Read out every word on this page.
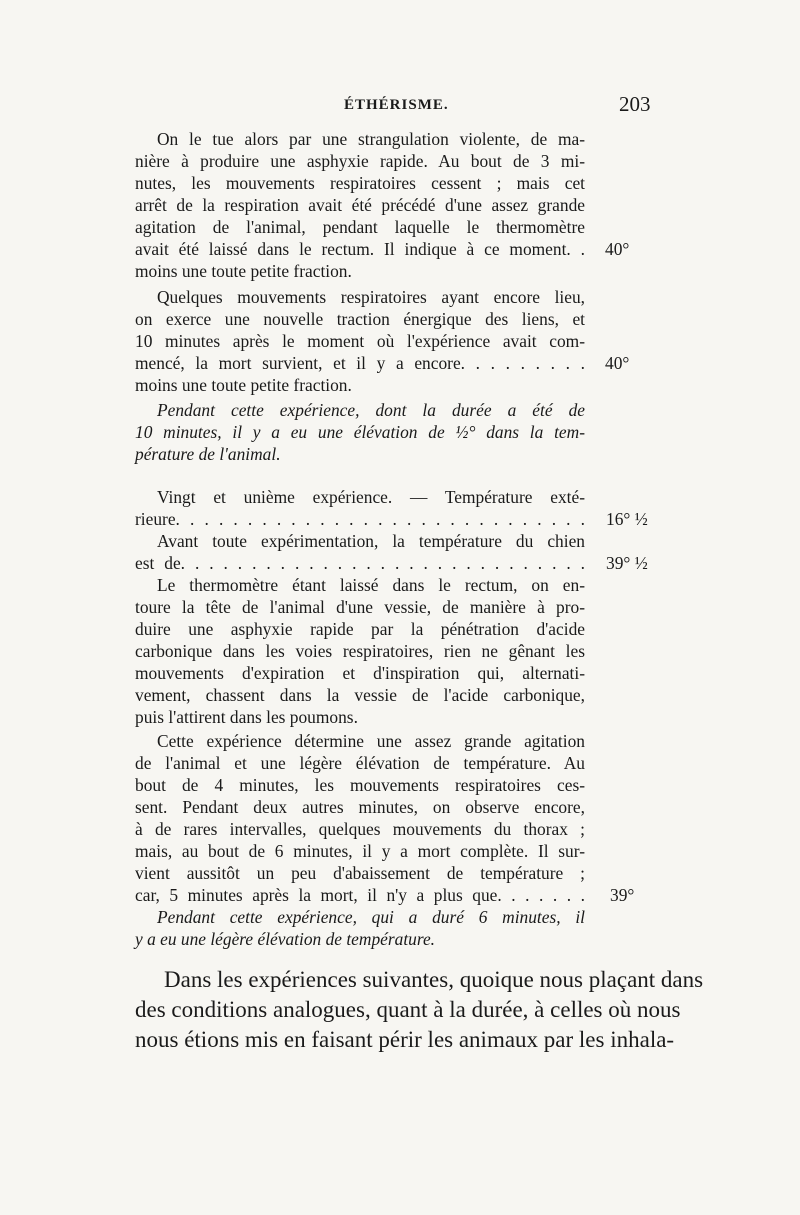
ÉTHÉRISME.	203
On le tue alors par une strangulation violente, de ma-
nière à produire une asphyxie rapide. Au bout de 3 mi-
nutes, les mouvements respiratoires cessent ; mais cet
arrêt de la respiration avait été précédé d'une assez grande
agitation de l'animal, pendant laquelle le thermomètre
avait été laissé dans le rectum. Il indique à ce moment. . 40°
moins une toute petite fraction.
Quelques mouvements respiratoires ayant encore lieu,
on exerce une nouvelle traction énergique des liens, et
10 minutes après le moment où l'expérience avait com-
mencé, la mort survient, et il y a encore. . . . . . . . . 40°
moins une toute petite fraction.
Pendant cette expérience, dont la durée a été de
10 minutes, il y a eu une élévation de ½° dans la tem-
pérature de l'animal.
Vingt et unième expérience. — Température exté-
rieure. . . . . . . . . . . . . . . . . . . . . . . . . . . . . 16° ½
Avant toute expérimentation, la température du chien
est de. . . . . . . . . . . . . . . . . . . . . . . . . . . . . 39° ½
Le thermomètre étant laissé dans le rectum, on en-
toure la tête de l'animal d'une vessie, de manière à pro-
duire une asphyxie rapide par la pénétration d'acide
carbonique dans les voies respiratoires, rien ne gênant les
mouvements d'expiration et d'inspiration qui, alternati-
vement, chassent dans la vessie de l'acide carbonique,
puis l'attirent dans les poumons.
Cette expérience détermine une assez grande agitation
de l'animal et une légère élévation de température. Au
bout de 4 minutes, les mouvements respiratoires ces-
sent. Pendant deux autres minutes, on observe encore,
à de rares intervalles, quelques mouvements du thorax ;
mais, au bout de 6 minutes, il y a mort complète. Il sur-
vient aussitôt un peu d'abaissement de température ;
car, 5 minutes après la mort, il n'y a plus que. . . . . . . 39°
Pendant cette expérience, qui a duré 6 minutes, il
y a eu une légère élévation de température.
Dans les expériences suivantes, quoique nous plaçant dans
des conditions analogues, quant à la durée, à celles où nous
nous étions mis en faisant périr les animaux par les inhala-
